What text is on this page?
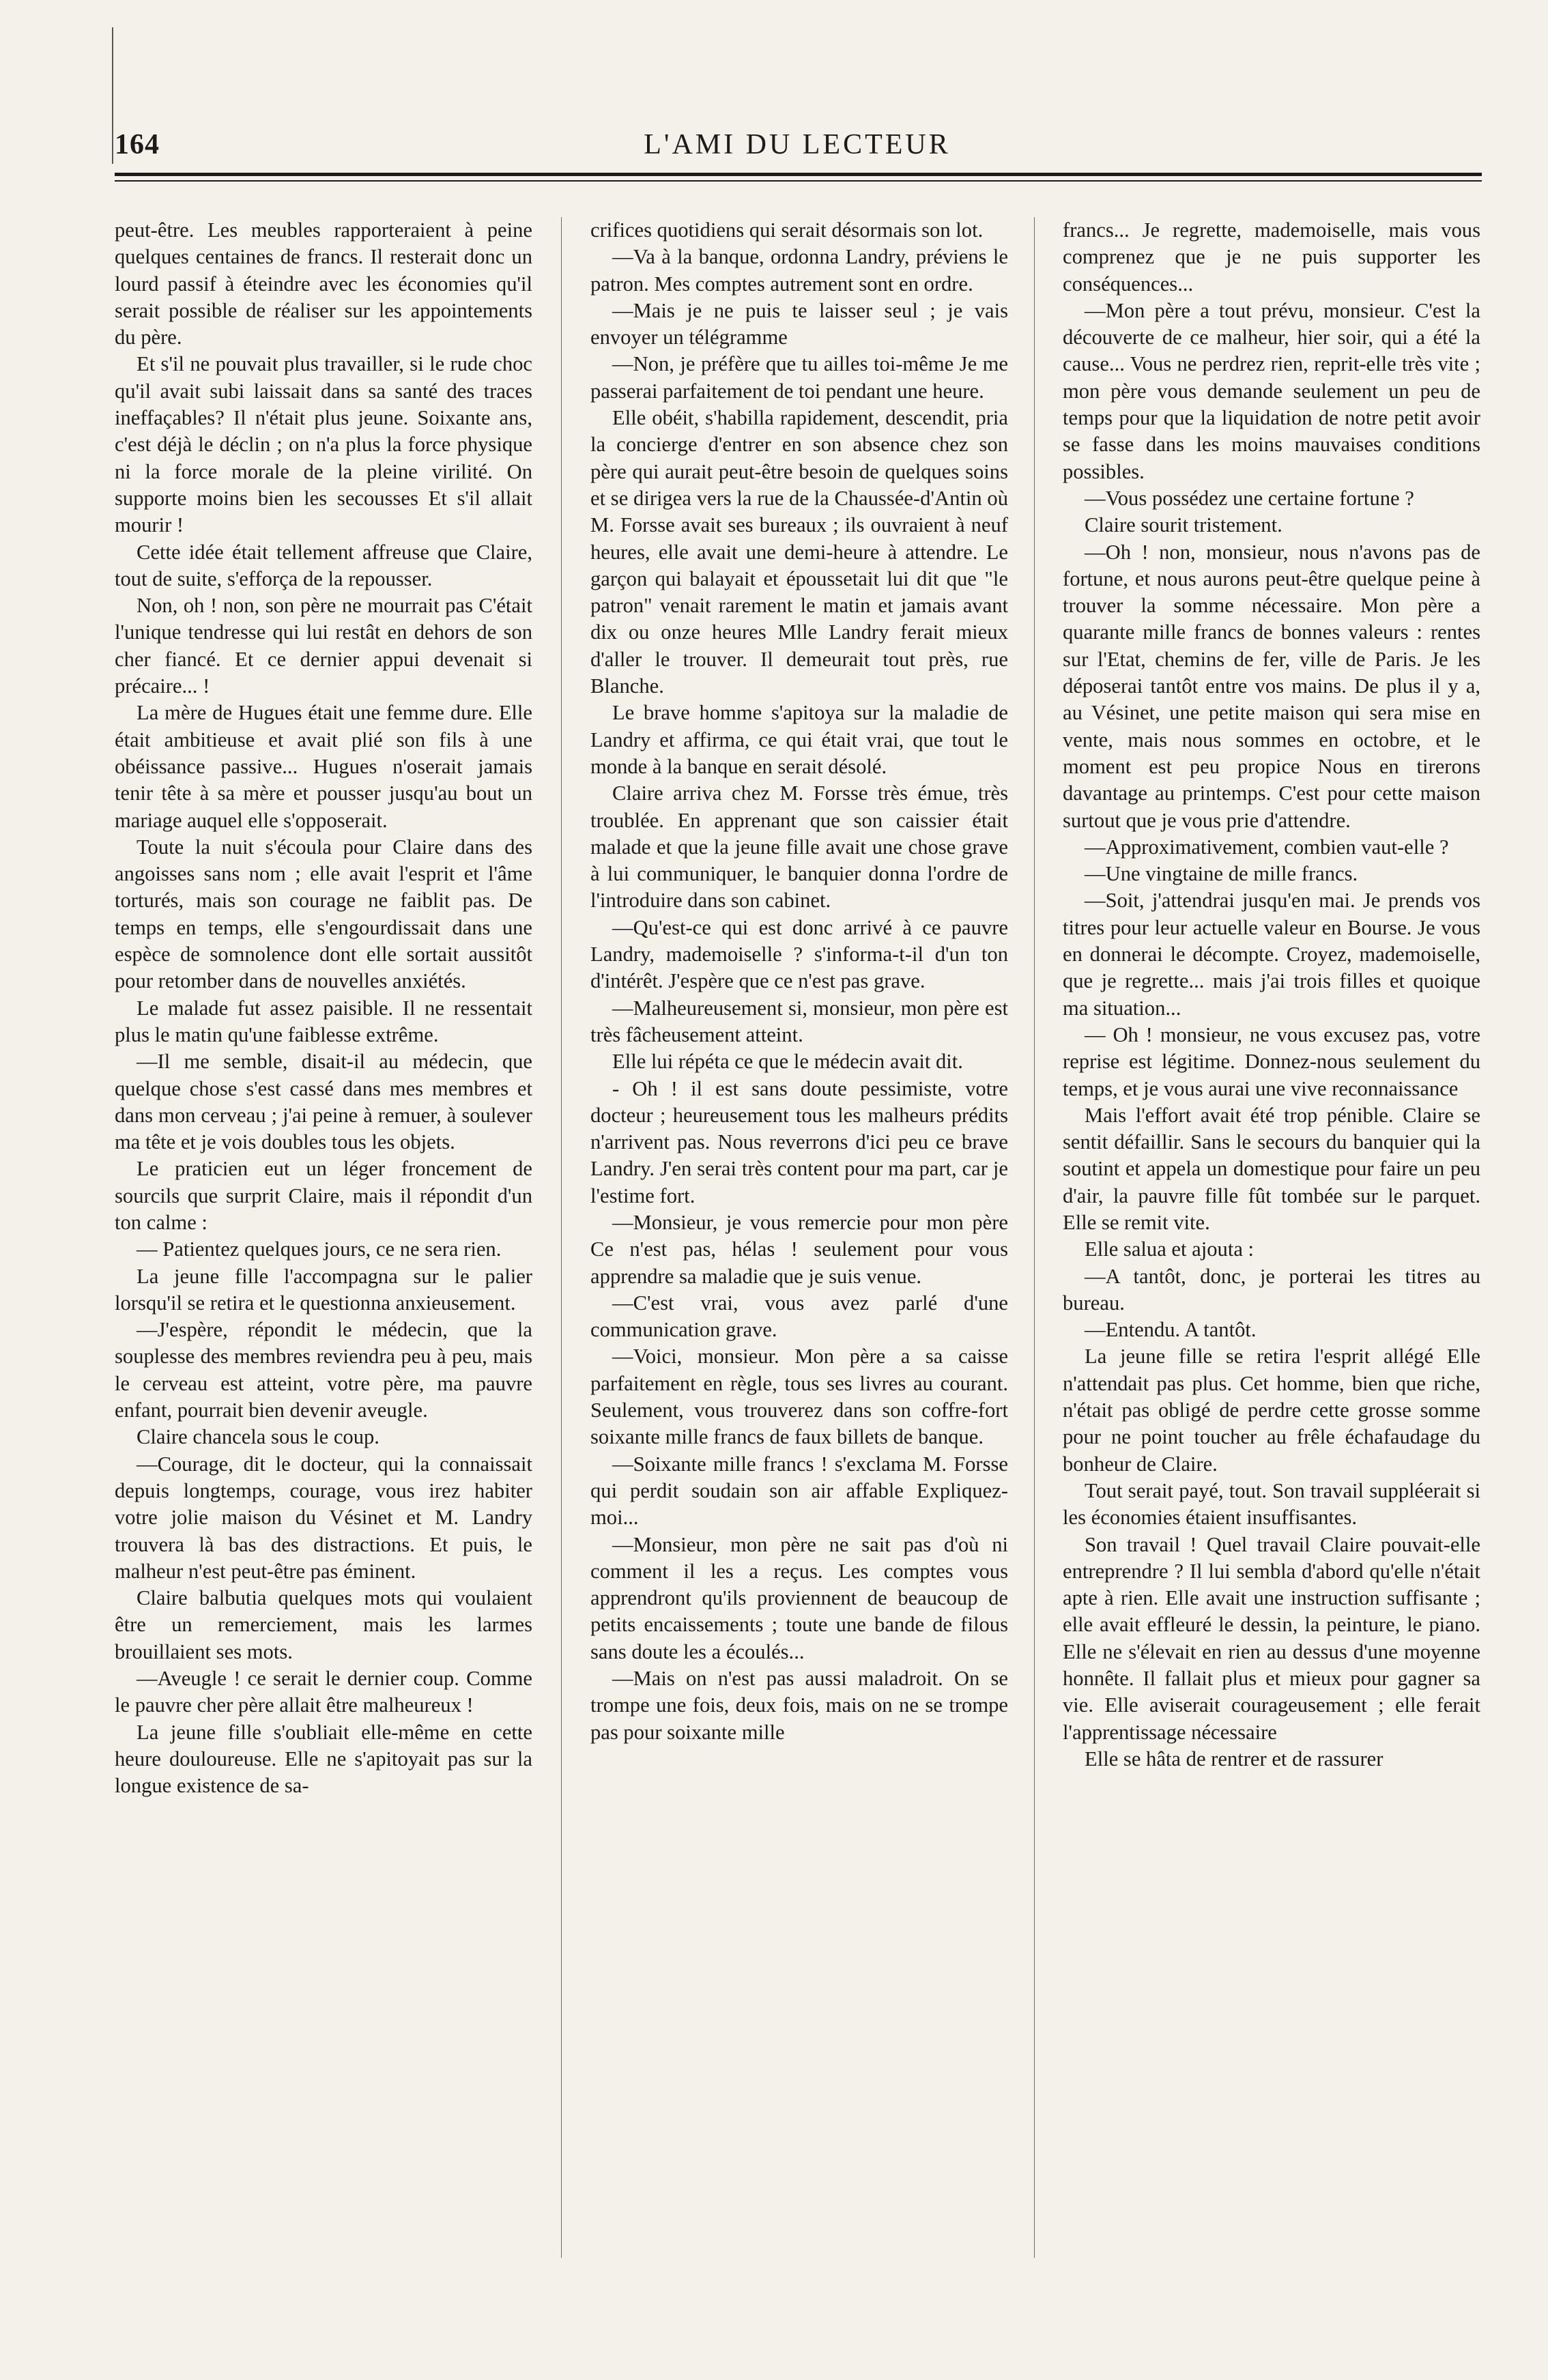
164	L'AMI DU LECTEUR

peut-être. Les meubles rapporteraient à peine quelques centaines de francs. Il resterait donc un lourd passif à éteindre avec les économies qu'il serait possible de réaliser sur les appointements du père.

Et s'il ne pouvait plus travailler, si le rude choc qu'il avait subi laissait dans sa santé des traces ineffaçables? Il n'était plus jeune. Soixante ans, c'est déjà le déclin ; on n'a plus la force physique ni la force morale de la pleine virilité. On supporte moins bien les secousses Et s'il allait mourir !

Cette idée était tellement affreuse que Claire, tout de suite, s'efforça de la repousser.

Non, oh ! non, son père ne mourrait pas C'était l'unique tendresse qui lui restât en dehors de son cher fiancé. Et ce dernier appui devenait si précaire... !

La mère de Hugues était une femme dure. Elle était ambitieuse et avait plié son fils à une obéissance passive... Hugues n'oserait jamais tenir tête à sa mère et pousser jusqu'au bout un mariage auquel elle s'opposerait.

Toute la nuit s'écoula pour Claire dans des angoisses sans nom ; elle avait l'esprit et l'âme torturés, mais son courage ne faiblit pas. De temps en temps, elle s'engourdissait dans une espèce de somnolence dont elle sortait aussitôt pour retomber dans de nouvelles anxiétés.

Le malade fut assez paisible. Il ne ressentait plus le matin qu'une faiblesse extrême.

—Il me semble, disait-il au médecin, que quelque chose s'est cassé dans mes membres et dans mon cerveau ; j'ai peine à remuer, à soulever ma tête et je vois doubles tous les objets.

Le praticien eut un léger froncement de sourcils que surprit Claire, mais il répondit d'un ton calme :

— Patientez quelques jours, ce ne sera rien.

La jeune fille l'accompagna sur le palier lorsqu'il se retira et le questionna anxieusement.

—J'espère, répondit le médecin, que la souplesse des membres reviendra peu à peu, mais le cerveau est atteint, votre père, ma pauvre enfant, pourrait bien devenir aveugle.

Claire chancela sous le coup.

—Courage, dit le docteur, qui la connaissait depuis longtemps, courage, vous irez habiter votre jolie maison du Vésinet et M. Landry trouvera là bas des distractions. Et puis, le malheur n'est peut-être pas éminent.

Claire balbutia quelques mots qui voulaient être un remerciement, mais les larmes brouillaient ses mots.

—Aveugle ! ce serait le dernier coup. Comme le pauvre cher père allait être malheureux !

La jeune fille s'oubliait elle-même en cette heure douloureuse. Elle ne s'apitoyait pas sur la longue existence de sa-

crifices quotidiens qui serait désormais son lot.

—Va à la banque, ordonna Landry, préviens le patron. Mes comptes autrement sont en ordre.

—Mais je ne puis te laisser seul ; je vais envoyer un télégramme

—Non, je préfère que tu ailles toi-même Je me passerai parfaitement de toi pendant une heure.

Elle obéit, s'habilla rapidement, descendit, pria la concierge d'entrer en son absence chez son père qui aurait peut-être besoin de quelques soins et se dirigea vers la rue de la Chaussée-d'Antin où M. Forsse avait ses bureaux ; ils ouvraient à neuf heures, elle avait une demi-heure à attendre. Le garçon qui balayait et époussetait lui dit que "le patron" venait rarement le matin et jamais avant dix ou onze heures Mlle Landry ferait mieux d'aller le trouver. Il demeurait tout près, rue Blanche.

Le brave homme s'apitoya sur la maladie de Landry et affirma, ce qui était vrai, que tout le monde à la banque en serait désolé.

Claire arriva chez M. Forsse très émue, très troublée. En apprenant que son caissier était malade et que la jeune fille avait une chose grave à lui communiquer, le banquier donna l'ordre de l'introduire dans son cabinet.

—Qu'est-ce qui est donc arrivé à ce pauvre Landry, mademoiselle ? s'informa-t-il d'un ton d'intérêt. J'espère que ce n'est pas grave.

—Malheureusement si, monsieur, mon père est très fâcheusement atteint.

Elle lui répéta ce que le médecin avait dit.

- Oh ! il est sans doute pessimiste, votre docteur ; heureusement tous les malheurs prédits n'arrivent pas. Nous reverrons d'ici peu ce brave Landry. J'en serai très content pour ma part, car je l'estime fort.

—Monsieur, je vous remercie pour mon père Ce n'est pas, hélas ! seulement pour vous apprendre sa maladie que je suis venue.

—C'est vrai, vous avez parlé d'une communication grave.

—Voici, monsieur. Mon père a sa caisse parfaitement en règle, tous ses livres au courant. Seulement, vous trouverez dans son coffre-fort soixante mille francs de faux billets de banque.

—Soixante mille francs ! s'exclama M. Forsse qui perdit soudain son air affable Expliquez-moi...

—Monsieur, mon père ne sait pas d'où ni comment il les a reçus. Les comptes vous apprendront qu'ils proviennent de beaucoup de petits encaissements ; toute une bande de filous sans doute les a écoulés...

—Mais on n'est pas aussi maladroit. On se trompe une fois, deux fois, mais on ne se trompe pas pour soixante mille

francs... Je regrette, mademoiselle, mais vous comprenez que je ne puis supporter les conséquences...

—Mon père a tout prévu, monsieur. C'est la découverte de ce malheur, hier soir, qui a été la cause... Vous ne perdrez rien, reprit-elle très vite ; mon père vous demande seulement un peu de temps pour que la liquidation de notre petit avoir se fasse dans les moins mauvaises conditions possibles.

—Vous possédez une certaine fortune ?

Claire sourit tristement.

—Oh ! non, monsieur, nous n'avons pas de fortune, et nous aurons peut-être quelque peine à trouver la somme nécessaire. Mon père a quarante mille francs de bonnes valeurs : rentes sur l'Etat, chemins de fer, ville de Paris. Je les déposerai tantôt entre vos mains. De plus il y a, au Vésinet, une petite maison qui sera mise en vente, mais nous sommes en octobre, et le moment est peu propice Nous en tirerons davantage au printemps. C'est pour cette maison surtout que je vous prie d'attendre.

—Approximativement, combien vaut-elle ?

—Une vingtaine de mille francs.

—Soit, j'attendrai jusqu'en mai. Je prends vos titres pour leur actuelle valeur en Bourse. Je vous en donnerai le décompte. Croyez, mademoiselle, que je regrette... mais j'ai trois filles et quoique ma situation...

— Oh ! monsieur, ne vous excusez pas, votre reprise est légitime. Donnez-nous seulement du temps, et je vous aurai une vive reconnaissance

Mais l'effort avait été trop pénible. Claire se sentit défaillir. Sans le secours du banquier qui la soutint et appela un domestique pour faire un peu d'air, la pauvre fille fût tombée sur le parquet. Elle se remit vite.

Elle salua et ajouta :

—A tantôt, donc, je porterai les titres au bureau.

—Entendu. A tantôt.

La jeune fille se retira l'esprit allégé Elle n'attendait pas plus. Cet homme, bien que riche, n'était pas obligé de perdre cette grosse somme pour ne point toucher au frêle échafaudage du bonheur de Claire.

Tout serait payé, tout. Son travail suppléerait si les économies étaient insuffisantes.

Son travail ! Quel travail Claire pouvait-elle entreprendre ? Il lui sembla d'abord qu'elle n'était apte à rien. Elle avait une instruction suffisante ; elle avait effleuré le dessin, la peinture, le piano. Elle ne s'élevait en rien au dessus d'une moyenne honnête. Il fallait plus et mieux pour gagner sa vie. Elle aviserait courageusement ; elle ferait l'apprentissage nécessaire

Elle se hâta de rentrer et de rassurer
